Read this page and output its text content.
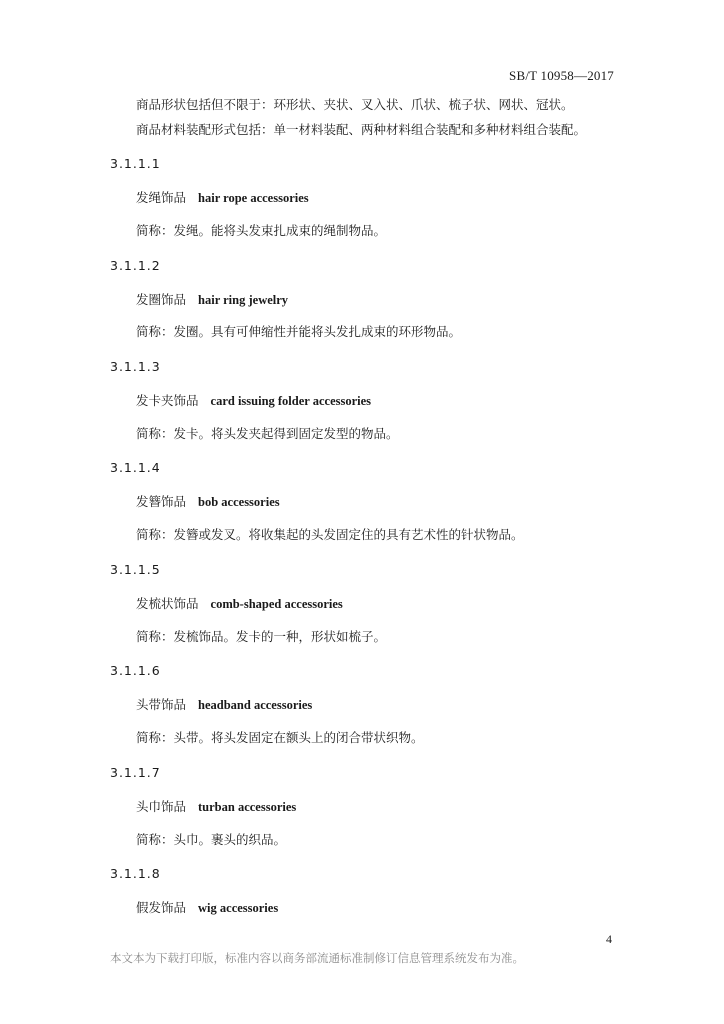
SB/T 10958—2017
商品形状包括但不限于：环形状、夹状、叉入状、爪状、梳子状、网状、冠状。
商品材料装配形式包括：单一材料装配、两种材料组合装配和多种材料组合装配。
3.1.1.1
发绳饰品 hair rope accessories
简称：发绳。能将头发束扎成束的绳制物品。
3.1.1.2
发圈饰品 hair ring jewelry
简称：发圈。具有可伸缩性并能将头发扎成束的环形物品。
3.1.1.3
发卡夹饰品 card issuing folder accessories
简称：发卡。将头发夹起得到固定发型的物品。
3.1.1.4
发簪饰品 bob accessories
简称：发簪或发叉。将收集起的头发固定住的具有艺术性的针状物品。
3.1.1.5
发梳状饰品 comb-shaped accessories
简称：发梳饰品。发卡的一种，形状如梳子。
3.1.1.6
头带饰品 headband accessories
简称：头带。将头发固定在额头上的闭合带状织物。
3.1.1.7
头巾饰品 turban accessories
简称：头巾。裹头的织品。
3.1.1.8
假发饰品 wig accessories
4
本文本为下载打印版，标准内容以商务部流通标准制修订信息管理系统发布为准。
